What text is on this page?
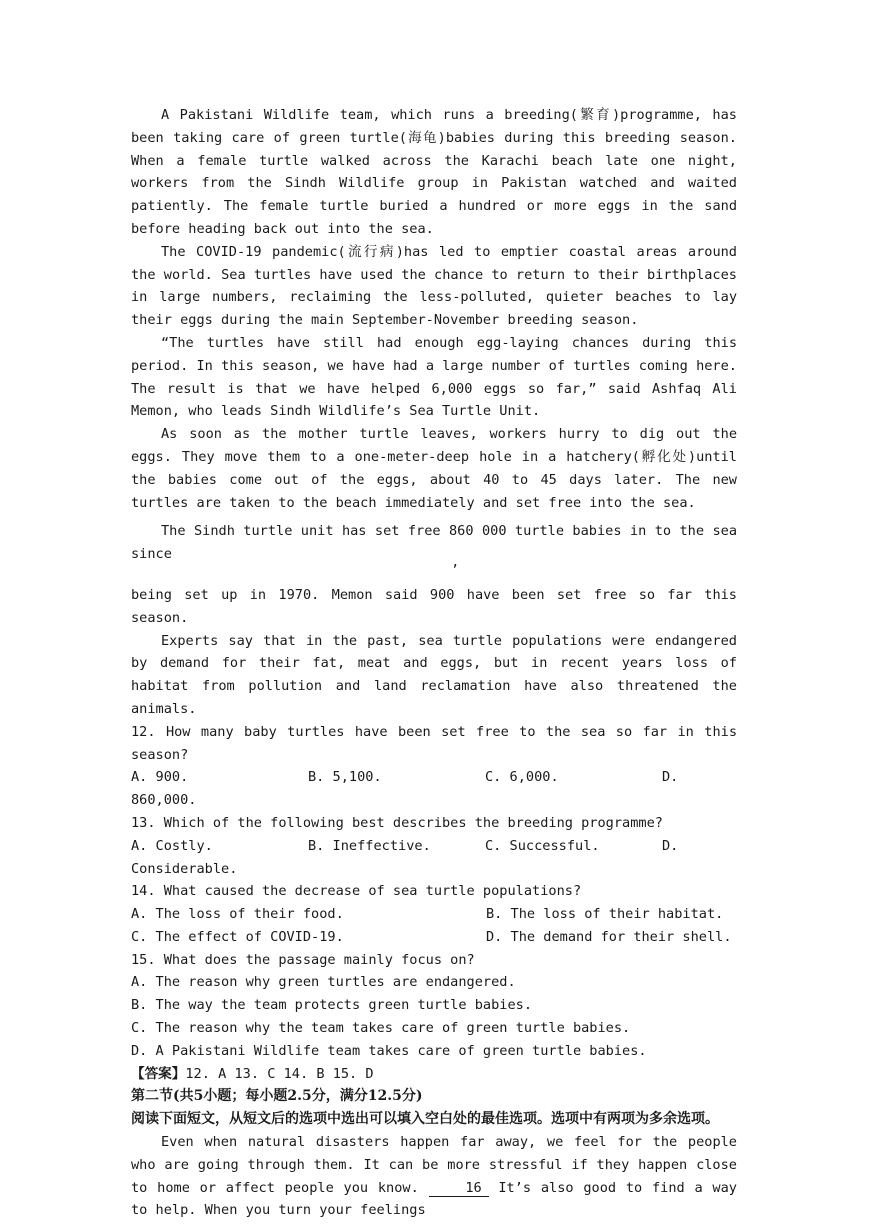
A Pakistani Wildlife team, which runs a breeding(繁育)programme, has been taking care of green turtle(海龟)babies during this breeding season. When a female turtle walked across the Karachi beach late one night, workers from the Sindh Wildlife group in Pakistan watched and waited patiently. The female turtle buried a hundred or more eggs in the sand before heading back out into the sea.

The COVID-19 pandemic(流行病)has led to emptier coastal areas around the world. Sea turtles have used the chance to return to their birthplaces in large numbers, reclaiming the less-polluted, quieter beaches to lay their eggs during the main September-November breeding season.

“The turtles have still had enough egg-laying chances during this period. In this season, we have had a large number of turtles coming here. The result is that we have helped 6,000 eggs so far,” said Ashfaq Ali Memon, who leads Sindh Wildlife’s Sea Turtle Unit.

As soon as the mother turtle leaves, workers hurry to dig out the eggs. They move them to a one-meter-deep hole in a hatchery(孵化处)until the babies come out of the eggs, about 40 to 45 days later. The new turtles are taken to the beach immediately and set free into the sea.

The Sindh turtle unit has set free 860 000 turtle babies in to the sea since

’

being set up in 1970. Memon said 900 have been set free so far this season.

Experts say that in the past, sea turtle populations were endangered by demand for their fat, meat and eggs, but in recent years loss of habitat from pollution and land reclamation have also threatened the animals.

12. How many baby turtles have been set free to the sea so far in this season?

A. 900.	B. 5,100.	C. 6,000.	D.

860,000.

13. Which of the following best describes the breeding programme?

A. Costly.	B. Ineffective.	C. Successful.	D.

Considerable.

14. What caused the decrease of sea turtle populations?

A. The loss of their food.	B. The loss of their habitat.
C. The effect of COVID-19.	D. The demand for their shell.

15. What does the passage mainly focus on?

A. The reason why green turtles are endangered.

B. The way the team protects green turtle babies.

C. The reason why the team takes care of green turtle babies.

D. A Pakistani Wildlife team takes care of green turtle babies.

【答案】12. A 13. C 14. B 15. D

第二节(共5小题；每小题2.5分，满分12.5分)

阅读下面短文，从短文后的选项中选出可以填入空白处的最佳选项。选项中有两项为多余选项。

Even when natural disasters happen far away, we feel for the people who are going through them. It can be more stressful if they happen close to home or affect people you know.	16 It’s also good to find a way to help. When you turn your feelings
